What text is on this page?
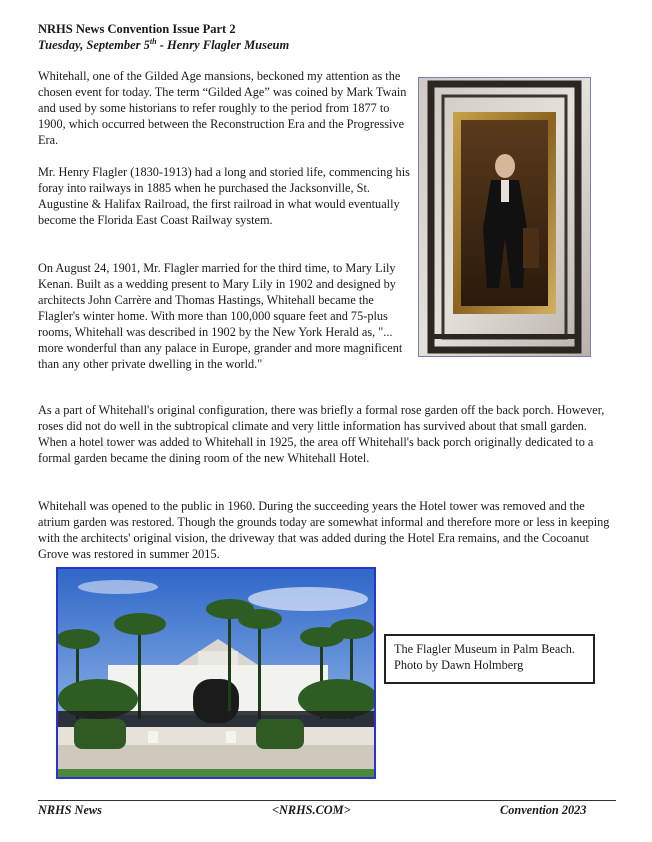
NRHS News Convention Issue Part 2
Tuesday, September 5th - Henry Flagler Museum

Whitehall, one of the Gilded Age mansions, beckoned my attention as the chosen event for today. The term “Gilded Age” was coined by Mark Twain and used by some historians to refer roughly to the period from 1877 to 1900, which occurred between the Reconstruction Era and the Progressive Era.

Mr. Henry Flagler (1830-1913) had a long and storied life, commencing his foray into railways in 1885 when he purchased the Jacksonville, St. Augustine & Halifax Railroad, the first railroad in what would eventually become the Florida East Coast Railway system.

On August 24, 1901, Mr. Flagler married for the third time, to Mary Lily Kenan. Built as a wedding present to Mary Lily in 1902 and designed by architects John Carrère and Thomas Hastings, Whitehall became the Flagler's winter home. With more than 100,000 square feet and 75-plus rooms, Whitehall was described in 1902 by the New York Herald as, "... more wonderful than any palace in Europe, grander and more magnificent than any other private dwelling in the world."

As a part of Whitehall's original configuration, there was briefly a formal rose garden off the back porch. However, roses did not do well in the subtropical climate and very little information has survived about that small garden. When a hotel tower was added to Whitehall in 1925, the area off Whitehall's back porch originally dedicated to a formal garden became the dining room of the new Whitehall Hotel.

Whitehall was opened to the public in 1960. During the succeeding years the Hotel tower was removed and the atrium garden was restored. Though the grounds today are somewhat informal and therefore more or less in keeping with the architects' original vision, the driveway that was added during the Hotel Era remains, and the Cocoanut Grove was restored in summer 2015.

The Flagler Museum in Palm Beach. Photo by Dawn Holmberg
NRHS News	<NRHS.COM>	Convention 2023
